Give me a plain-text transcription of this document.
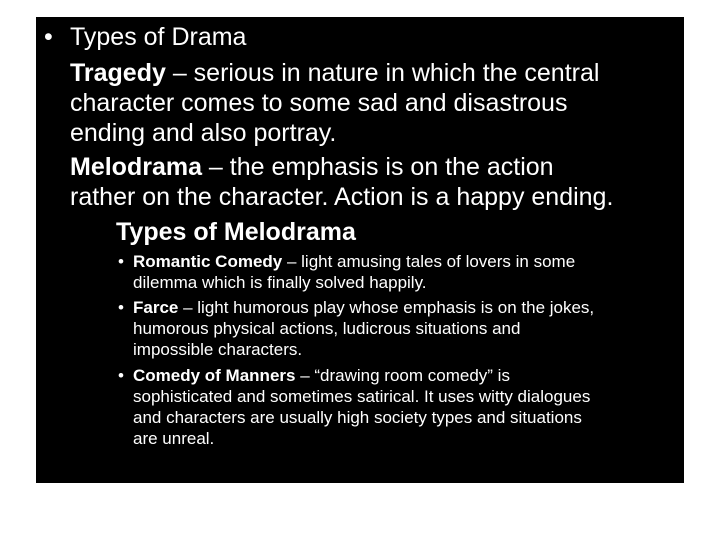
• Types of Drama
Tragedy – serious in nature in which the central
character comes to some sad and disastrous
ending and also portray.
Melodrama – the emphasis is on the action
rather on the character. Action is a happy ending.
Types of Melodrama
• Romantic Comedy – light amusing tales of lovers in some
dilemma which is finally solved happily.
• Farce – light humorous play whose emphasis is on the jokes,
humorous physical actions, ludicrous situations and
impossible characters.
• Comedy of Manners – “drawing room comedy” is
sophisticated and sometimes satirical. It uses witty dialogues
and characters are usually high society types and situations
are unreal.
